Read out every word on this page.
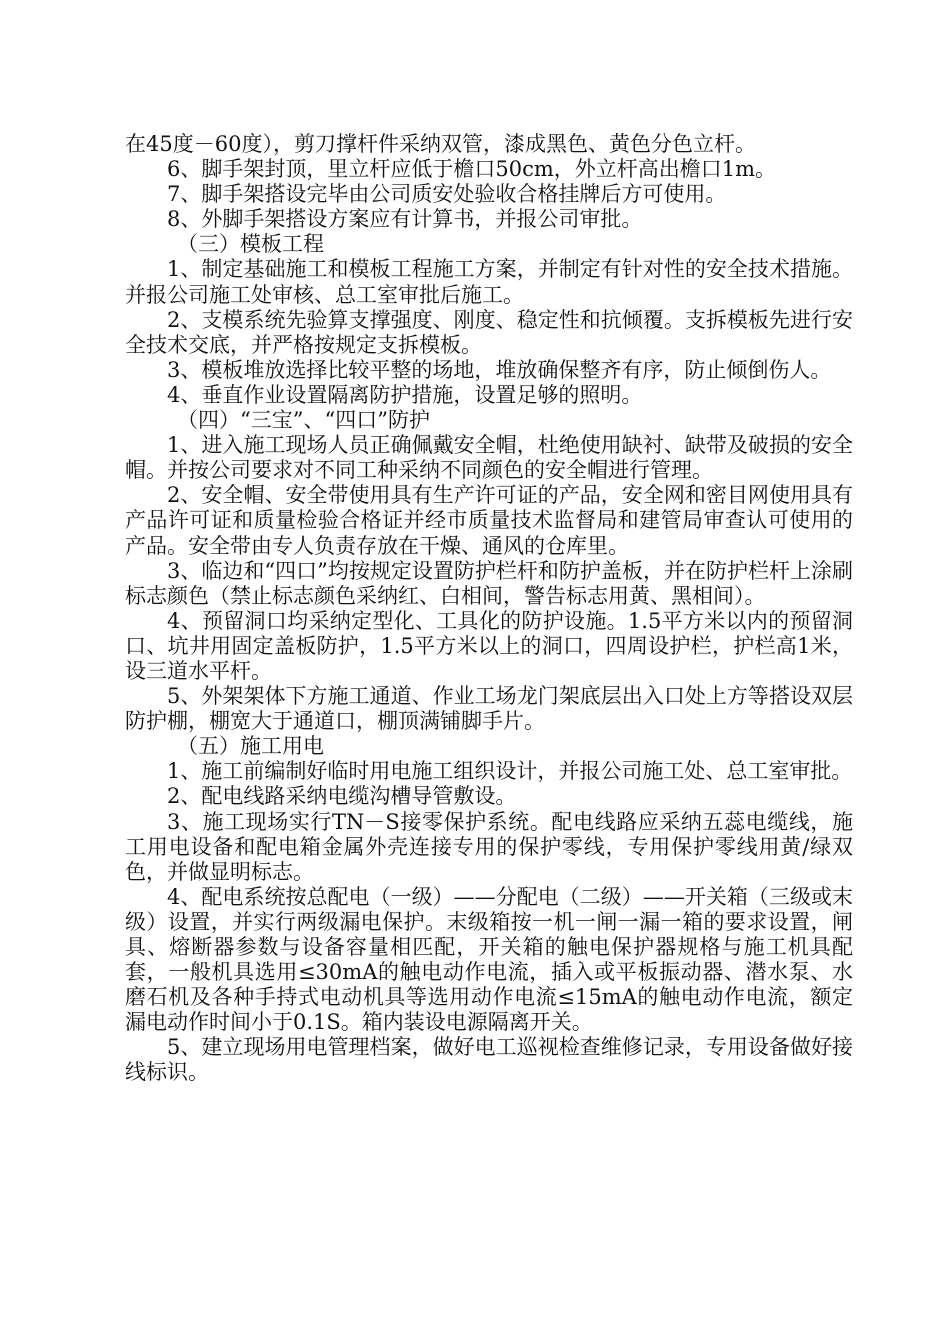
在45度－60度），剪刀撑杆件采纳双管，漆成黑色、黄色分色立杆。

6、脚手架封顶，里立杆应低于檐口50cm，外立杆高出檐口1m。

7、脚手架搭设完毕由公司质安处验收合格挂牌后方可使用。

8、外脚手架搭设方案应有计算书，并报公司审批。

（三）模板工程

1、制定基础施工和模板工程施工方案，并制定有针对性的安全技术措施。并报公司施工处审核、总工室审批后施工。

2、支模系统先验算支撑强度、刚度、稳定性和抗倾覆。支拆模板先进行安全技术交底，并严格按规定支拆模板。

3、模板堆放选择比较平整的场地，堆放确保整齐有序，防止倾倒伤人。

4、垂直作业设置隔离防护措施，设置足够的照明。

（四）“三宝”、“四口”防护

1、进入施工现场人员正确佩戴安全帽，杜绝使用缺衬、缺带及破损的安全帽。并按公司要求对不同工种采纳不同颜色的安全帽进行管理。

2、安全帽、安全带使用具有生产许可证的产品，安全网和密目网使用具有产品许可证和质量检验合格证并经市质量技术监督局和建管局审查认可使用的产品。安全带由专人负责存放在干燥、通风的仓库里。

3、临边和“四口”均按规定设置防护栏杆和防护盖板，并在防护栏杆上涂刷标志颜色（禁止标志颜色采纳红、白相间，警告标志用黄、黑相间）。

4、预留洞口均采纳定型化、工具化的防护设施。1.5平方米以内的预留洞口、坑井用固定盖板防护，1.5平方米以上的洞口，四周设护栏，护栏高1米，设三道水平杆。

5、外架架体下方施工通道、作业工场龙门架底层出入口处上方等搭设双层防护棚，棚宽大于通道口，棚顶满铺脚手片。

（五）施工用电

1、施工前编制好临时用电施工组织设计，并报公司施工处、总工室审批。

2、配电线路采纳电缆沟槽导管敷设。

3、施工现场实行TN－S接零保护系统。配电线路应采纳五蕊电缆线，施工用电设备和配电箱金属外壳连接专用的保护零线，专用保护零线用黄/绿双色，并做显明标志。

4、配电系统按总配电（一级）——分配电（二级）——开关箱（三级或末级）设置，并实行两级漏电保护。末级箱按一机一闸一漏一箱的要求设置，闸具、熔断器参数与设备容量相匹配，开关箱的触电保护器规格与施工机具配套，一般机具选用≤30mA的触电动作电流，插入或平板振动器、潜水泵、水磨石机及各种手持式电动机具等选用动作电流≤15mA的触电动作电流，额定漏电动作时间小于0.1S。箱内装设电源隔离开关。

5、建立现场用电管理档案，做好电工巡视检查维修记录，专用设备做好接线标识。
